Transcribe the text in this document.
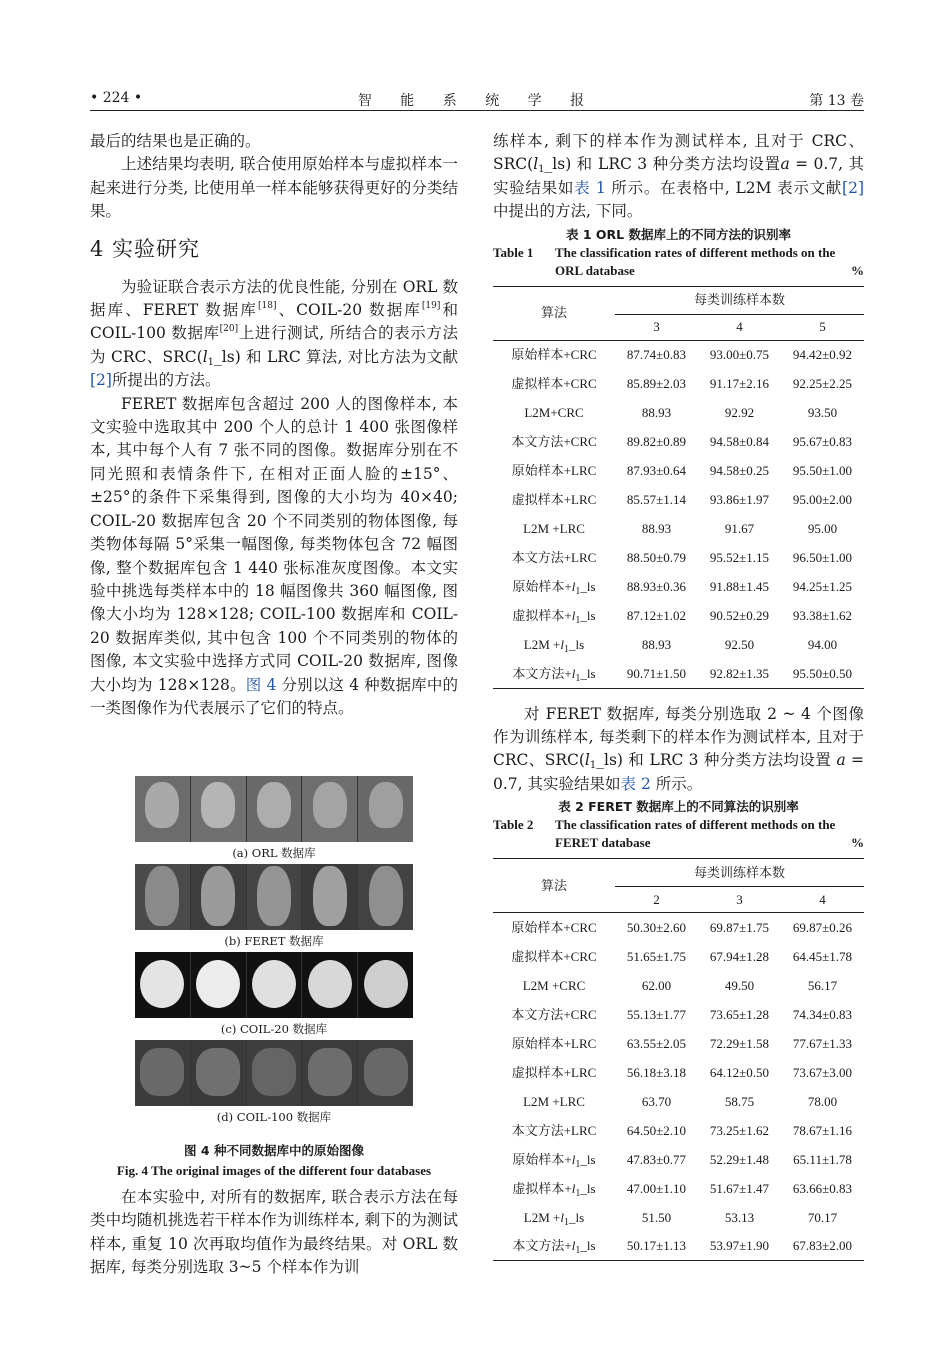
• 224 •	智 能 系 统 学 报	第 13 卷

最后的结果也是正确的。

上述结果均表明, 联合使用原始样本与虚拟样本一起来进行分类, 比使用单一样本能够获得更好的分类结果。

4 实验研究

为验证联合表示方法的优良性能, 分别在 ORL 数据库、FERET 数据库[18]、COIL-20 数据库[19]和 COIL-100 数据库[20]上进行测试, 所结合的表示方法为 CRC、$SRC(l_1\_ls)$ 和 LRC 算法, 对比方法为文献[2]所提出的方法。

FERET 数据库包含超过 200 人的图像样本, 本文实验中选取其中 200 个人的总计 1 400 张图像样本, 其中每个人有 7 张不同的图像。数据库分别在不同光照和表情条件下, 在相对正面人脸的±15°、±25°的条件下采集得到, 图像的大小均为 40×40; COIL-20 数据库包含 20 个不同类别的物体图像, 每类物体每隔 5°采集一幅图像, 每类物体包含 72 幅图像, 整个数据库包含 1 440 张标准灰度图像。本文实验中挑选每类样本中的 18 幅图像共 360 幅图像, 图像大小均为 128×128; COIL-100 数据库和 COIL-20 数据库类似, 其中包含 100 个不同类别的物体的图像, 本文实验中选择方式同 COIL-20 数据库, 图像大小均为 128×128。图 4 分别以这 4 种数据库中的一类图像作为代表展示了它们的特点。

(a) ORL 数据库
(b) FERET 数据库
(c) COIL-20 数据库
(d) COIL-100 数据库
图 4 种不同数据库中的原始图像
Fig. 4 The original images of the different four databases

在本实验中, 对所有的数据库, 联合表示方法在每类中均随机挑选若干样本作为训练样本, 剩下的为测试样本, 重复 10 次再取均值作为最终结果。对 ORL 数据库, 每类分别选取 3~5 个样本作为训

练样本, 剩下的样本作为测试样本, 且对于 CRC、$SRC(l_1\_ls)$ 和 LRC 3 种分类方法均设置a = 0.7, 其实验结果如表 1 所示。在表格中, L2M 表示文献[2]中提出的方法, 下同。

表 1 ORL 数据库上的不同方法的识别率
Table 1 The classification rates of different methods on the ORL database	%
算法	每类训练样本数		
	3	4	5
原始样本+CRC	87.74±0.83	93.00±0.75	94.42±0.92
虚拟样本+CRC	85.89±2.03	91.17±2.16	92.25±2.25
L2M+CRC	88.93	92.92	93.50
本文方法+CRC	89.82±0.89	94.58±0.84	95.67±0.83
原始样本+LRC	87.93±0.64	94.58±0.25	95.50±1.00
虚拟样本+LRC	85.57±1.14	93.86±1.97	95.00±2.00
L2M +LRC	88.93	91.67	95.00
本文方法+LRC	88.50±0.79	95.52±1.15	96.50±1.00
原始样本$+l_1\_ls$	88.93±0.36	91.88±1.45	94.25±1.25
虚拟样本$+l_1\_ls$	87.12±1.02	90.52±0.29	93.38±1.62
$L2M +l_1\_ls$	88.93	92.50	94.00
本文方法$+l_1\_ls$	90.71±1.50	92.82±1.35	95.50±0.50

对 FERET 数据库, 每类分别选取 2 ~ 4 个图像作为训练样本, 每类剩下的样本作为测试样本, 且对于 CRC、$SRC(l_1\_ls)$ 和 LRC 3 种分类方法均设置 a = 0.7, 其实验结果如表 2 所示。

表 2 FERET 数据库上的不同算法的识别率
Table 2 The classification rates of different methods on the FERET database	%
算法	每类训练样本数		
	2	3	4
原始样本+CRC	50.30±2.60	69.87±1.75	69.87±0.26
虚拟样本+CRC	51.65±1.75	67.94±1.28	64.45±1.78
L2M +CRC	62.00	49.50	56.17
本文方法+CRC	55.13±1.77	73.65±1.28	74.34±0.83
原始样本+LRC	63.55±2.05	72.29±1.58	77.67±1.33
虚拟样本+LRC	56.18±3.18	64.12±0.50	73.67±3.00
L2M +LRC	63.70	58.75	78.00
本文方法+LRC	64.50±2.10	73.25±1.62	78.67±1.16
原始样本$+l_1\_ls$	47.83±0.77	52.29±1.48	65.11±1.78
虚拟样本$+l_1\_ls$	47.00±1.10	51.67±1.47	63.66±0.83
$L2M +l_1\_ls$	51.50	53.13	70.17
本文方法$+l_1\_ls$	50.17±1.13	53.97±1.90	67.83±2.00
